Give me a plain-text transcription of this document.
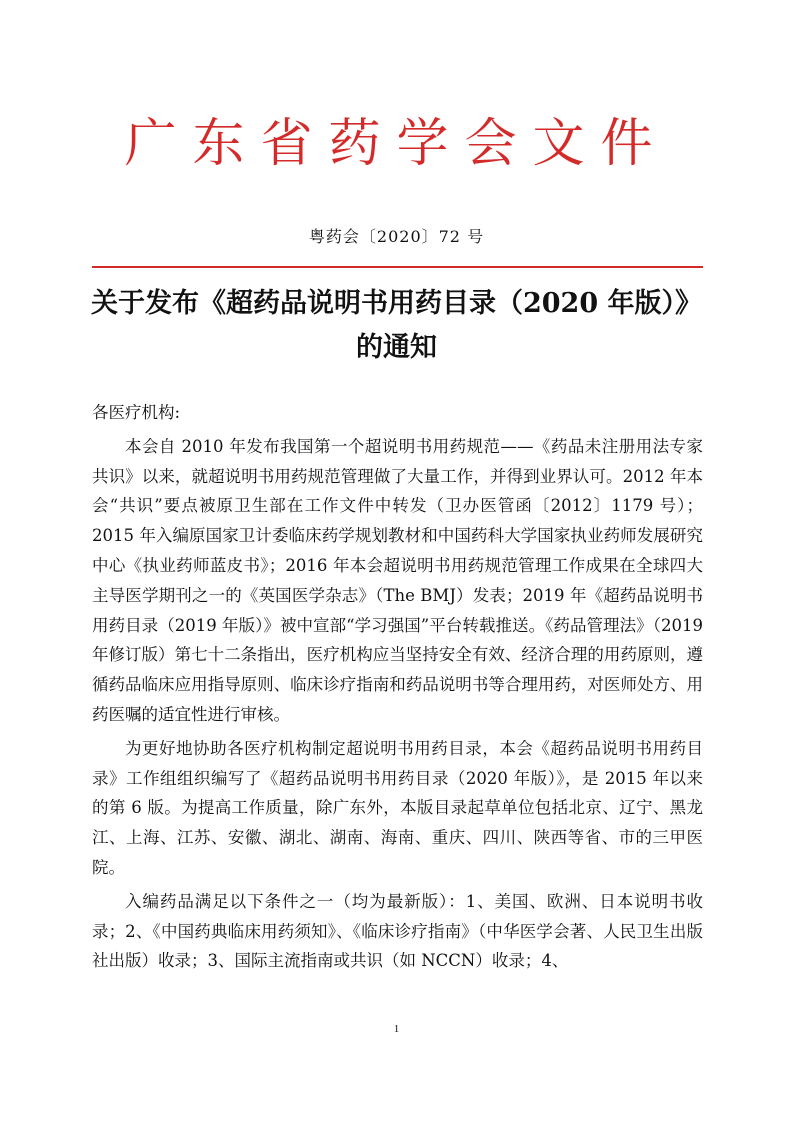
广东省药学会文件
粤药会〔2020〕72 号
关于发布《超药品说明书用药目录（2020 年版）》
的通知

各医疗机构:

本会自 2010 年发布我国第一个超说明书用药规范——《药品未注册用法专家共识》以来，就超说明书用药规范管理做了大量工作，并得到业界认可。2012 年本会“共识”要点被原卫生部在工作文件中转发（卫办医管函〔2012〕1179 号）；2015 年入编原国家卫计委临床药学规划教材和中国药科大学国家执业药师发展研究中心《执业药师蓝皮书》；2016 年本会超说明书用药规范管理工作成果在全球四大主导医学期刊之一的《英国医学杂志》（The BMJ）发表；2019 年《超药品说明书用药目录（2019 年版）》被中宣部“学习强国”平台转载推送。《药品管理法》（2019 年修订版）第七十二条指出，医疗机构应当坚持安全有效、经济合理的用药原则，遵循药品临床应用指导原则、临床诊疗指南和药品说明书等合理用药，对医师处方、用药医嘱的适宜性进行审核。

为更好地协助各医疗机构制定超说明书用药目录，本会《超药品说明书用药目录》工作组组织编写了《超药品说明书用药目录（2020 年版）》，是 2015 年以来的第 6 版。为提高工作质量，除广东外，本版目录起草单位包括北京、辽宁、黑龙江、上海、江苏、安徽、湖北、湖南、海南、重庆、四川、陕西等省、市的三甲医院。

入编药品满足以下条件之一（均为最新版）：1、美国、欧洲、日本说明书收录；2、《中国药典临床用药须知》、《临床诊疗指南》（中华医学会著、人民卫生出版社出版）收录；3、国际主流指南或共识（如 NCCN）收录；4、

1
